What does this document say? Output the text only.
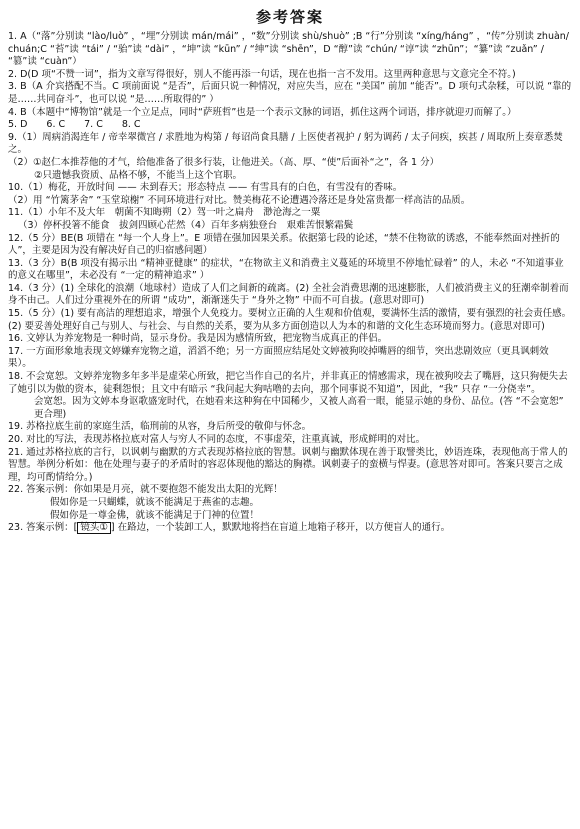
参考答案

1. A（“落”分别读 “lào/luò” ，“埋”分别读 mán/mái” ，“数”分别读 shù/shuò” ;B “行”分别读 “xíng/háng” ，“传”分别读 zhuàn/chuán;C “苔”读 “tái” / “骀”读 “dài” ，“坤”读 “kūn” / “绅”读 “shēn”，D “醇”读 “chún/ “谆”读 “zhūn”；“纂”读 “zuǎn” / “篡”读 “cuàn”）

2. D(D 项“不赞一词”，指为文章写得很好，别人不能再添一句话，现在也指一言不发用。这里两种意思与文意完全不符。)

3. B（A 介宾搭配不当。C 项前面说 “是否”，后面只说一种情况，对应失当，应在 “美国” 前加 “能否”。D 项句式杂糅，可以说 “靠的是……共同奋斗”，也可以说 “是……所取得的” ）

4. B（本题中“博物馆”就是一个立足点，同时“萨班哲”也是一个表示文脉的词语，抓住这两个词语，排序就迎刃而解了。）

5. D　　6. C　　7. C　　8. C

9.（1）周病消渴连年 / 帝幸翠微宫 / 求胜地为构第 / 每诏尚食具膳 / 上医使者视护 / 躬为调药 / 太子问疾，疾甚 / 周取所上奏章悉焚之。

（2）①赵仁本推荐他的才气，给他准备了很多行装，让他进关。（高、厚、“使”后面补“之”，各 1 分）

②只遗憾我资质、品格不够，不能当上这个官职。

10.（1）梅花，开放时间 —— 未到春天；形态特点 —— 有雪具有的白色，有雪没有的香味。

（2）用 “竹篱茅舍” “玉堂琼榭” 不同环境进行对比。赞美梅花不论遭遇冷落还是身处富贵都一样高洁的品质。

11.（1）小年不及大年　朝菌不知晦朔（2）驾一叶之扁舟　渺沧海之一粟

（3）停杯投箸不能食　拔剑四顾心茫然（4）百年多病独登台　艰难苦恨繁霜鬓

12.（5 分）BE(B 项错在 “每一个人身上”。E 项错在强加因果关系。依据第七段的论述，“禁不住物欲的诱惑，不能奉然面对挫折的人”，主要是因为没有解决好自己的归宿感问题）

13.（3 分）B(B 项没有揭示出 “精神亚健康” 的症状，“在物欲主义和消费主义蔓延的环境里不停地忙碌着” 的人，未必 “不知道事业的意义在哪里”，未必没有 “一定的精神追求” ）

14.（3 分）(1) 全球化的浪潮（地球村）造成了人们之间新的疏离。(2) 全社会消费思潮的迅速膨胀，人们被消费主义的狂潮牵制着而身不由己。人们过分重视外在的所谓 “成功”，渐渐迷失于 “身外之物” 中而不可自拔。(意思对即可)

15.（5 分）(1) 要有高洁的理想追求，增强个人免疫力。要树立正确的人生观和价值观，要满怀生活的激情，要有强烈的社会责任感。(2) 要妥善处理好自己与别人、与社会、与自然的关系，要为从多方面创造以人为本的和谐的文化生态环境而努力。(意思对即可)

16. 文婷认为养宠物是一种时尚，显示身份。我是因为感情所致，把宠物当成真正的伴侣。

17. 一方面形象地表现文婷嫌弃宠物之道，滔滔不绝；另一方面照应结尾处文婷被狗咬掉嘴唇的细节，突出悲剧效应（更具讽刺效果）。

18. 不会宽恕。文婷养宠物多年多半是虚荣心所致，把它当作自己的名片，并非真正的情感需求，现在被狗咬去了嘴唇，这只狗便失去了她引以为傲的资本，徒剩怨恨；且文中有暗示 “我问起大狗咕噜的去向，那个同事说不知道”，因此，“我” 只存 “一分侥幸”。

会宽恕。因为文婷本身讴歌盛宠时代，在她看来这种狗在中国稀少，又被人高看一眼，能显示她的身份、品位。(答 “不会宽恕” 更合理)

19. 苏格拉底生前的家庭生活，临刑前的从容，身后所受的敬仰与怀念。

20. 对比的写法，表现苏格拉底对富人与穷人不同的态度，不事虚荣，注重真诚，形成鲜明的对比。

21. 通过苏格拉底的言行，以讽刺与幽默的方式表现苏格拉底的智慧。讽刺与幽默体现在善于取譬类比，妙语连珠，表现他高于常人的智慧。举例分析如：他在处理与妻子的矛盾时的容忍体现他的豁达的胸襟。讽刺妻子的蛮横与悍妻。(意思答对即可。答案只要言之成理，均可酌情给分。)

22. 答案示例：你如果是月亮，就不要抱怨不能发出太阳的光辉！

假如你是一只蝴蝶，就该不能满足于燕雀的志趣。

假如你是一尊金佛，就该不能满足于门神的位置！

23. 答案示例：[ 镜头① ] 在路边，一个装卸工人，默默地将挡在盲道上地箱子移开，以方便盲人的通行。
